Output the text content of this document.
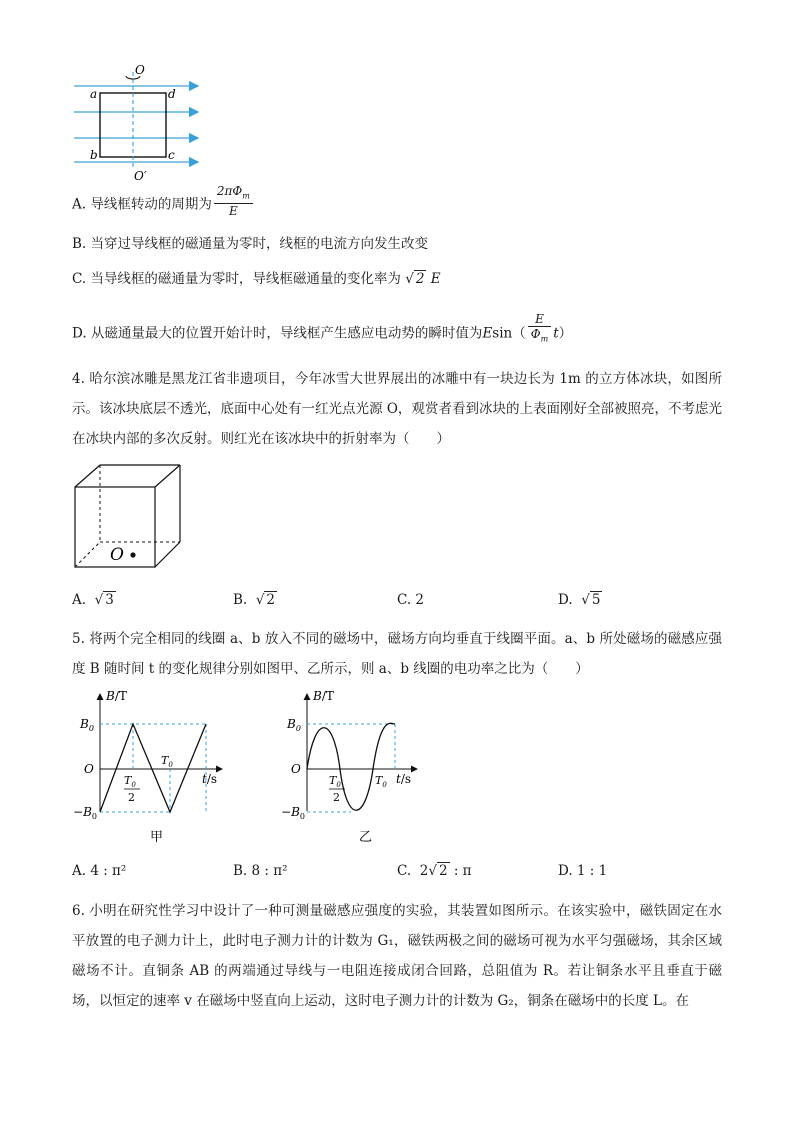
O
O′
a	d
b	c
A. 导线框转动的周期为 $\frac{2\pi\Phi_m}{E}$
B. 当穿过导线框的磁通量为零时，线框的电流方向发生改变
C. 当导线框的磁通量为零时，导线框磁通量的变化率为 √ 2 E
D. 从磁通量最大的位置开始计时，导线框产生感应电动势的瞬时值为$Esin( \frac{E}{\Phi_m} t)$
4. 哈尔滨冰雕是黑龙江省非遗项目，今年冰雪大世界展出的冰雕中有一块边长为 1m 的立方体冰块，如图所示。该冰块底层不透光，底面中心处有一红光点光源 O，观赏者看到冰块的上表面刚好全部被照亮，不考虑光在冰块内部的多次反射。则红光在该冰块中的折射率为（　　）
O
A. √ 3	B. √ 2	C. 2	D. √ 5
5. 将两个完全相同的线圈 a、b 放入不同的磁场中，磁场方向均垂直于线圈平面。a、b 所处磁场的磁感应强度 B 随时间 t 的变化规律分别如图甲、乙所示，则 a、b 线圈的电功率之比为（　　）
B/T
t/s
O
$B_0$
$-B_0$
$T_0$
2
$T_0$
甲
B/T
t/s
O
$B_0$
$-B_0$
$T_0$
2
$T_0$
乙
A. 4 : π²	B. 8 : π²	C. 2√ 2 : π	D. 1 : 1
6. 小明在研究性学习中设计了一种可测量磁感应强度的实验，其装置如图所示。在该实验中，磁铁固定在水平放置的电子测力计上，此时电子测力计的计数为 G₁，磁铁两极之间的磁场可视为水平匀强磁场，其余区域磁场不计。直铜条 AB 的两端通过导线与一电阻连接成闭合回路，总阻值为 R。若让铜条水平且垂直于磁场，以恒定的速率 v 在磁场中竖直向上运动，这时电子测力计的计数为 G₂，铜条在磁场中的长度 L。在
